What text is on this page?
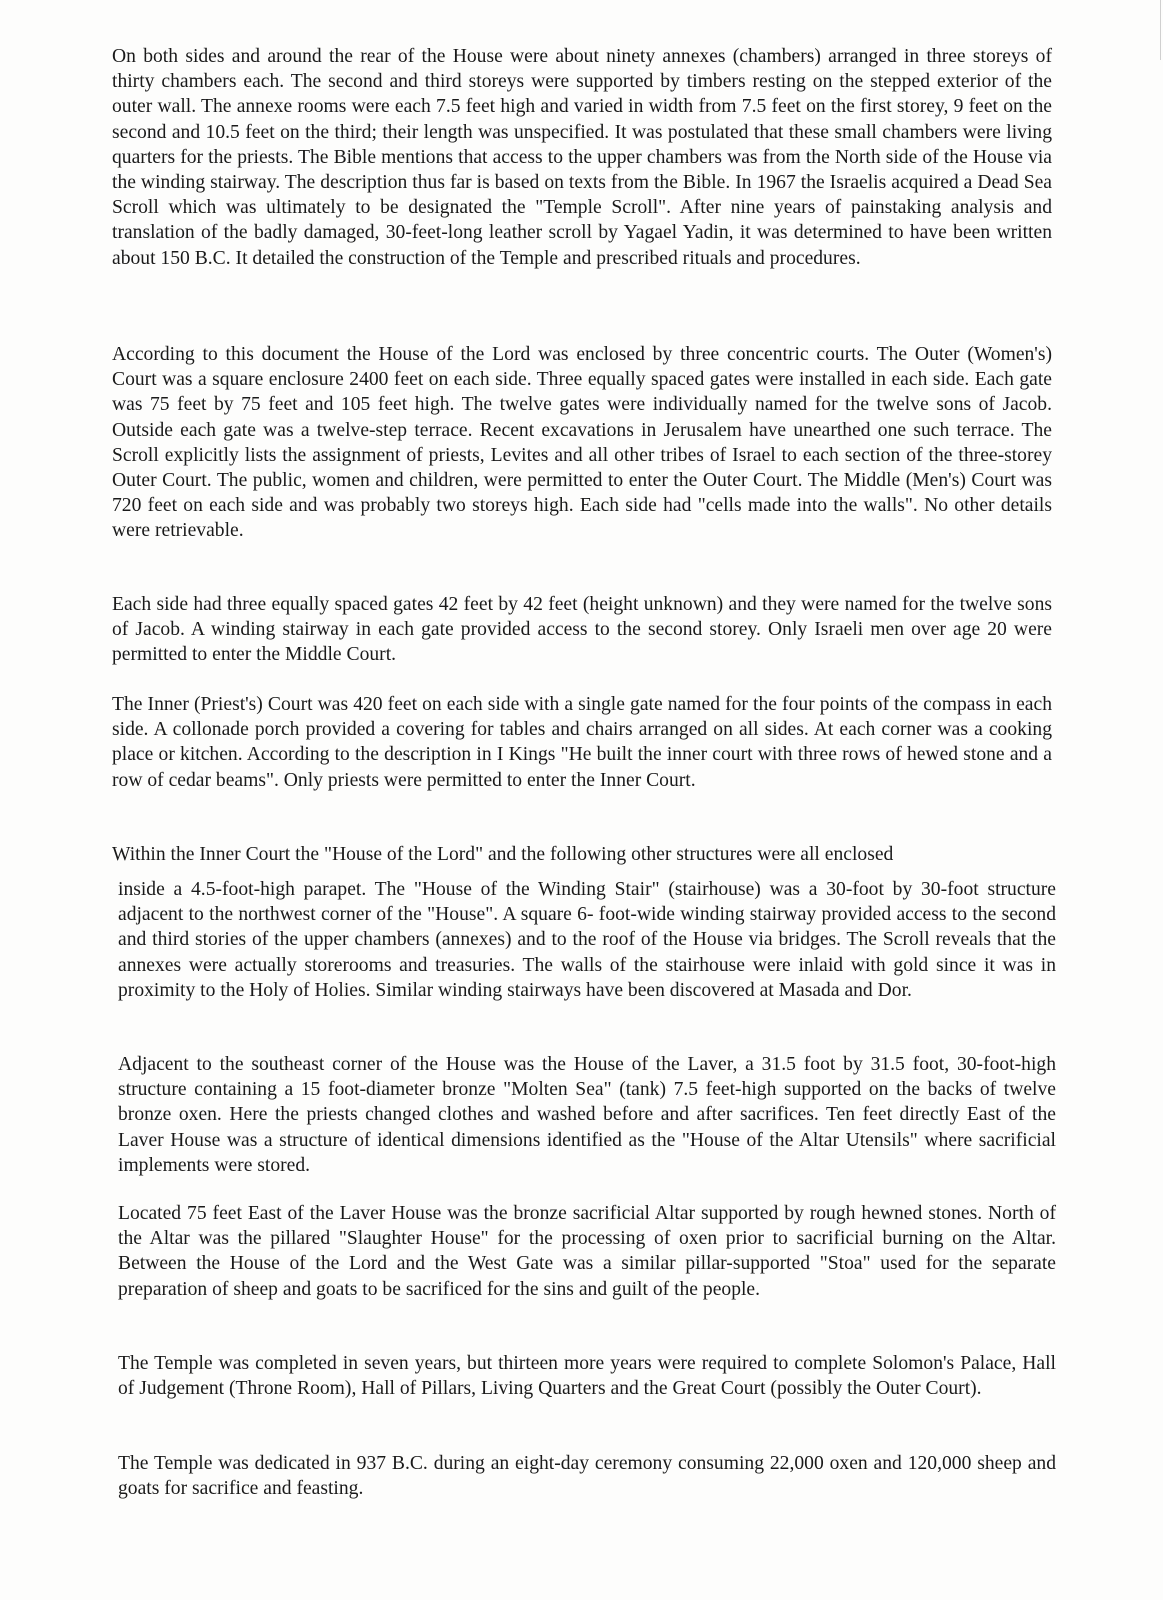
On both sides and around the rear of the House were about ninety annexes (chambers) arranged in three storeys of thirty chambers each. The second and third storeys were supported by timbers resting on the stepped exterior of the outer wall. The annexe rooms were each 7.5 feet high and varied in width from 7.5 feet on the first storey, 9 feet on the second and 10.5 feet on the third; their length was unspecified. It was postulated that these small chambers were living quarters for the priests. The Bible mentions that access to the upper chambers was from the North side of the House via the winding stairway. The description thus far is based on texts from the Bible. In 1967 the Israelis acquired a Dead Sea Scroll which was ultimately to be designated the "Temple Scroll". After nine years of painstaking analysis and translation of the badly damaged, 30-feet-long leather scroll by Yagael Yadin, it was determined to have been written about 150 B.C. It detailed the construction of the Temple and prescribed rituals and procedures.

According to this document the House of the Lord was enclosed by three concentric courts. The Outer (Women's) Court was a square enclosure 2400 feet on each side. Three equally spaced gates were installed in each side. Each gate was 75 feet by 75 feet and 105 feet high. The twelve gates were individually named for the twelve sons of Jacob. Outside each gate was a twelve-step terrace. Recent excavations in Jerusalem have unearthed one such terrace. The Scroll explicitly lists the assignment of priests, Levites and all other tribes of Israel to each section of the three-storey Outer Court. The public, women and children, were permitted to enter the Outer Court. The Middle (Men's) Court was 720 feet on each side and was probably two storeys high. Each side had "cells made into the walls". No other details were retrievable.

Each side had three equally spaced gates 42 feet by 42 feet (height unknown) and they were named for the twelve sons of Jacob. A winding stairway in each gate provided access to the second storey. Only Israeli men over age 20 were permitted to enter the Middle Court.

The Inner (Priest's) Court was 420 feet on each side with a single gate named for the four points of the compass in each side. A collonade porch provided a covering for tables and chairs arranged on all sides. At each corner was a cooking place or kitchen. According to the description in I Kings "He built the inner court with three rows of hewed stone and a row of cedar beams". Only priests were permitted to enter the Inner Court.

Within the Inner Court the "House of the Lord" and the following other structures were all enclosed

inside a 4.5-foot-high parapet. The "House of the Winding Stair" (stairhouse) was a 30-foot by 30-foot structure adjacent to the northwest corner of the "House". A square 6- foot-wide winding stairway provided access to the second and third stories of the upper chambers (annexes) and to the roof of the House via bridges. The Scroll reveals that the annexes were actually storerooms and treasuries. The walls of the stairhouse were inlaid with gold since it was in proximity to the Holy of Holies. Similar winding stairways have been discovered at Masada and Dor.

Adjacent to the southeast corner of the House was the House of the Laver, a 31.5 foot by 31.5 foot, 30-foot-high structure containing a 15 foot-diameter bronze "Molten Sea" (tank) 7.5 feet-high supported on the backs of twelve bronze oxen. Here the priests changed clothes and washed before and after sacrifices. Ten feet directly East of the Laver House was a structure of identical dimensions identified as the "House of the Altar Utensils" where sacrificial implements were stored.

Located 75 feet East of the Laver House was the bronze sacrificial Altar supported by rough hewned stones. North of the Altar was the pillared "Slaughter House" for the processing of oxen prior to sacrificial burning on the Altar. Between the House of the Lord and the West Gate was a similar pillar-supported "Stoa" used for the separate preparation of sheep and goats to be sacrificed for the sins and guilt of the people.

The Temple was completed in seven years, but thirteen more years were required to complete Solomon's Palace, Hall of Judgement (Throne Room), Hall of Pillars, Living Quarters and the Great Court (possibly the Outer Court).

The Temple was dedicated in 937 B.C. during an eight-day ceremony consuming 22,000 oxen and 120,000 sheep and goats for sacrifice and feasting.
